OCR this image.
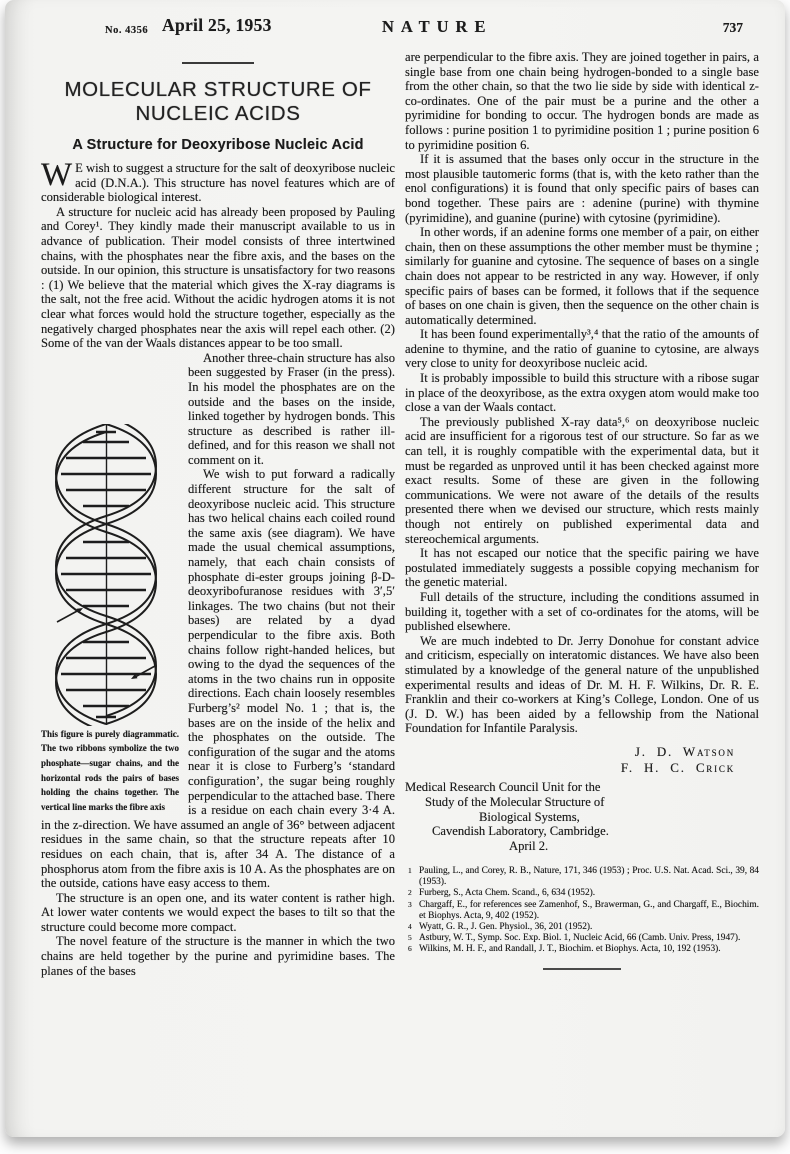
No. 4356 April 25, 1953	NATURE	737
MOLECULAR STRUCTURE OF
NUCLEIC ACIDS
A Structure for Deoxyribose Nucleic Acid

W E wish to suggest a structure for the salt of deoxyribose nucleic acid (D.N.A.). This structure has novel features which are of considerable biological interest.

A structure for nucleic acid has already been proposed by Pauling and Corey¹. They kindly made their manuscript available to us in advance of publication. Their model consists of three intertwined chains, with the phosphates near the fibre axis, and the bases on the outside. In our opinion, this structure is unsatisfactory for two reasons : (1) We believe that the material which gives the X-ray diagrams is the salt, not the free acid. Without the acidic hydrogen atoms it is not clear what forces would hold the structure together, especially as the negatively charged phosphates near the axis will repel each other. (2) Some of the van der Waals distances appear to be too small.

This figure is purely diagrammatic. The two ribbons symbolize the two phosphate—sugar chains, and the horizontal rods the pairs of bases holding the chains together. The vertical line marks the fibre axis
Another three-chain structure has also been suggested by Fraser (in the press). In his model the phosphates are on the outside and the bases on the inside, linked together by hydrogen bonds. This structure as described is rather ill-defined, and for this reason we shall not comment on it.

We wish to put forward a radically different structure for the salt of deoxyribose nucleic acid. This structure has two helical chains each coiled round the same axis (see diagram). We have made the usual chemical assumptions, namely, that each chain consists of phosphate di-ester groups joining β-D-deoxyribofuranose residues with 3′,5′ linkages. The two chains (but not their bases) are related by a dyad perpendicular to the fibre axis. Both chains follow right-handed helices, but owing to the dyad the sequences of the atoms in the two chains run in opposite directions. Each chain loosely resembles Furberg’s² model No. 1 ; that is, the bases are on the inside of the helix and the phosphates on the outside. The configuration of the sugar and the atoms near it is close to Furberg’s ‘standard configuration’, the sugar being roughly perpendicular to the attached base. There is a residue on each chain every 3·4 A. in the z-direction. We have assumed an angle of 36° between adjacent residues in the same chain, so that the structure repeats after 10 residues on each chain, that is, after 34 A. The distance of a phosphorus atom from the fibre axis is 10 A. As the phosphates are on the outside, cations have easy access to them.

The structure is an open one, and its water content is rather high. At lower water contents we would expect the bases to tilt so that the structure could become more compact.

The novel feature of the structure is the manner in which the two chains are held together by the purine and pyrimidine bases. The planes of the bases

are perpendicular to the fibre axis. They are joined together in pairs, a single base from one chain being hydrogen-bonded to a single base from the other chain, so that the two lie side by side with identical z-co-ordinates. One of the pair must be a purine and the other a pyrimidine for bonding to occur. The hydrogen bonds are made as follows : purine position 1 to pyrimidine position 1 ; purine position 6 to pyrimidine position 6.

If it is assumed that the bases only occur in the structure in the most plausible tautomeric forms (that is, with the keto rather than the enol configurations) it is found that only specific pairs of bases can bond together. These pairs are : adenine (purine) with thymine (pyrimidine), and guanine (purine) with cytosine (pyrimidine).

In other words, if an adenine forms one member of a pair, on either chain, then on these assumptions the other member must be thymine ; similarly for guanine and cytosine. The sequence of bases on a single chain does not appear to be restricted in any way. However, if only specific pairs of bases can be formed, it follows that if the sequence of bases on one chain is given, then the sequence on the other chain is automatically determined.

It has been found experimentally³,⁴ that the ratio of the amounts of adenine to thymine, and the ratio of guanine to cytosine, are always very close to unity for deoxyribose nucleic acid.

It is probably impossible to build this structure with a ribose sugar in place of the deoxyribose, as the extra oxygen atom would make too close a van der Waals contact.

The previously published X-ray data⁵,⁶ on deoxyribose nucleic acid are insufficient for a rigorous test of our structure. So far as we can tell, it is roughly compatible with the experimental data, but it must be regarded as unproved until it has been checked against more exact results. Some of these are given in the following communications. We were not aware of the details of the results presented there when we devised our structure, which rests mainly though not entirely on published experimental data and stereochemical arguments.

It has not escaped our notice that the specific pairing we have postulated immediately suggests a possible copying mechanism for the genetic material.

Full details of the structure, including the conditions assumed in building it, together with a set of co-ordinates for the atoms, will be published elsewhere.

We are much indebted to Dr. Jerry Donohue for constant advice and criticism, especially on interatomic distances. We have also been stimulated by a knowledge of the general nature of the unpublished experimental results and ideas of Dr. M. H. F. Wilkins, Dr. R. E. Franklin and their co-workers at King’s College, London. One of us (J. D. W.) has been aided by a fellowship from the National Foundation for Infantile Paralysis.

J. D. Watson
F. H. C. Crick
Medical Research Council Unit for the
Study of the Molecular Structure of
Biological Systems,
Cavendish Laboratory, Cambridge.
April 2.
1 Pauling, L., and Corey, R. B., Nature, 171, 346 (1953) ; Proc. U.S. Nat. Acad. Sci., 39, 84 (1953).
2 Furberg, S., Acta Chem. Scand., 6, 634 (1952).
3 Chargaff, E., for references see Zamenhof, S., Brawerman, G., and Chargaff, E., Biochim. et Biophys. Acta, 9, 402 (1952).
4 Wyatt, G. R., J. Gen. Physiol., 36, 201 (1952).
5 Astbury, W. T., Symp. Soc. Exp. Biol. 1, Nucleic Acid, 66 (Camb. Univ. Press, 1947).
6 Wilkins, M. H. F., and Randall, J. T., Biochim. et Biophys. Acta, 10, 192 (1953).
